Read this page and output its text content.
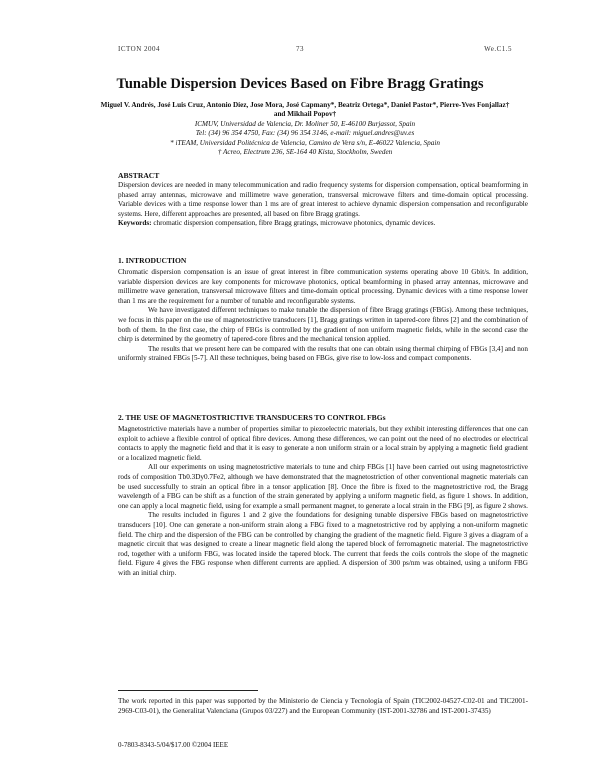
ICTON 2004	73	We.C1.5
Tunable Dispersion Devices Based on Fibre Bragg Gratings
Miguel V. Andrés, José Luis Cruz, Antonio Díez, Jose Mora, José Capmany*, Beatriz Ortega*, Daniel Pastor*, Pierre-Yves Fonjallaz† and Mikhail Popov†
ICMUV, Universidad de Valencia, Dr. Moliner 50, E-46100 Burjassot, Spain
Tel: (34) 96 354 4750, Fax: (34) 96 354 3146, e-mail: miguel.andres@uv.es
* iTEAM, Universidad Politécnica de Valencia, Camino de Vera s/n, E-46022 Valencia, Spain
† Acreo, Electrum 236, SE-164 40 Kista, Stockholm, Sweden
ABSTRACT

Dispersion devices are needed in many telecommunication and radio frequency systems for dispersion compensation, optical beamforming in phased array antennas, microwave and millimetre wave generation, transversal microwave filters and time-domain optical processing. Variable devices with a time response lower than 1 ms are of great interest to achieve dynamic dispersion compensation and reconfigurable systems. Here, different approaches are presented, all based on fibre Bragg gratings.

Keywords: chromatic dispersion compensation, fibre Bragg gratings, microwave photonics, dynamic devices.

1. INTRODUCTION

Chromatic dispersion compensation is an issue of great interest in fibre communication systems operating above 10 Gbit/s. In addition, variable dispersion devices are key components for microwave photonics, optical beamforming in phased array antennas, microwave and millimetre wave generation, transversal microwave filters and time-domain optical processing. Dynamic devices with a time response lower than 1 ms are the requirement for a number of tunable and reconfigurable systems.

We have investigated different techniques to make tunable the dispersion of fibre Bragg gratings (FBGs). Among these techniques, we focus in this paper on the use of magnetostrictive transducers [1], Bragg gratings written in tapered-core fibres [2] and the combination of both of them. In the first case, the chirp of FBGs is controlled by the gradient of non uniform magnetic fields, while in the second case the chirp is determined by the geometry of tapered-core fibres and the mechanical tension applied.

The results that we present here can be compared with the results that one can obtain using thermal chirping of FBGs [3,4] and non uniformly strained FBGs [5-7]. All these techniques, being based on FBGs, give rise to low-loss and compact components.

2. THE USE OF MAGNETOSTRICTIVE TRANSDUCERS TO CONTROL FBGs

Magnetostrictive materials have a number of properties similar to piezoelectric materials, but they exhibit interesting differences that one can exploit to achieve a flexible control of optical fibre devices. Among these differences, we can point out the need of no electrodes or electrical contacts to apply the magnetic field and that it is easy to generate a non uniform strain or a local strain by applying a magnetic field gradient or a localized magnetic field.

All our experiments on using magnetostrictive materials to tune and chirp FBGs [1] have been carried out using magnetostrictive rods of composition Tb0.3Dy0.7Fe2, although we have demonstrated that the magnetostriction of other conventional magnetic materials can be used successfully to strain an optical fibre in a tensor application [8]. Once the fibre is fixed to the magnetostrictive rod, the Bragg wavelength of a FBG can be shift as a function of the strain generated by applying a uniform magnetic field, as figure 1 shows. In addition, one can apply a local magnetic field, using for example a small permanent magnet, to generate a local strain in the FBG [9], as figure 2 shows.

The results included in figures 1 and 2 give the foundations for designing tunable dispersive FBGs based on magnetostrictive transducers [10]. One can generate a non-uniform strain along a FBG fixed to a magnetostrictive rod by applying a non-uniform magnetic field. The chirp and the dispersion of the FBG can be controlled by changing the gradient of the magnetic field. Figure 3 gives a diagram of a magnetic circuit that was designed to create a linear magnetic field along the tapered block of ferromagnetic material. The magnetostrictive rod, together with a uniform FBG, was located inside the tapered block. The current that feeds the coils controls the slope of the magnetic field. Figure 4 gives the FBG response when different currents are applied. A dispersion of 300 ps/nm was obtained, using a uniform FBG with an initial chirp.

The work reported in this paper was supported by the Ministerio de Ciencia y Tecnología of Spain (TIC2002-04527-C02-01 and TIC2001-2969-C03-01), the Generalitat Valenciana (Grupos 03/227) and the European Community (IST-2001-32786 and IST-2001-37435)
0-7803-8343-5/04/$17.00 ©2004 IEEE
